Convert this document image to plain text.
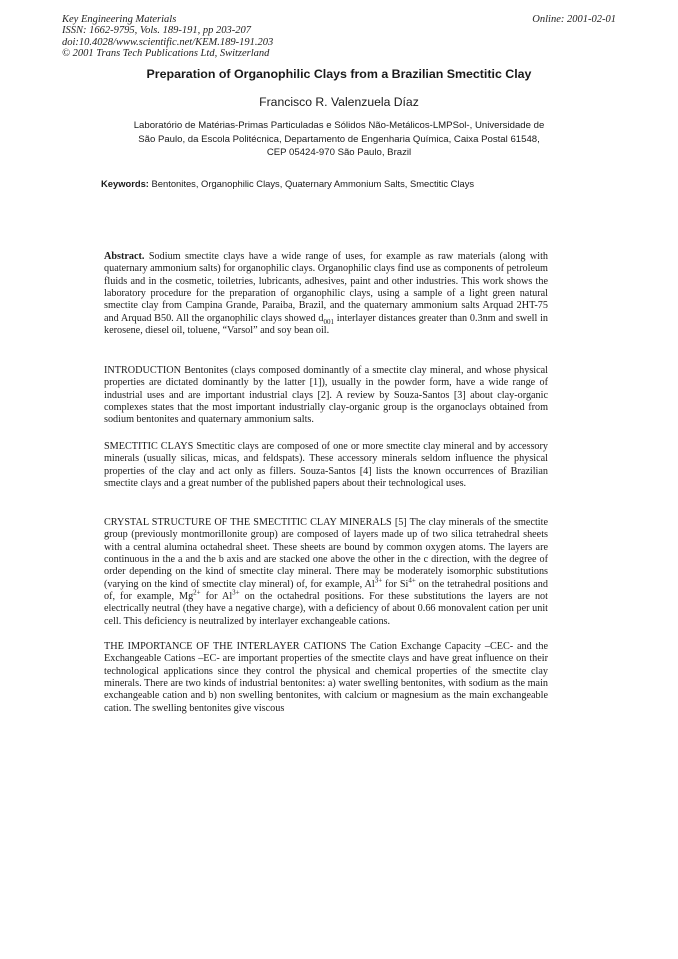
Key Engineering Materials
ISSN: 1662-9795, Vols. 189-191, pp 203-207
doi:10.4028/www.scientific.net/KEM.189-191.203
© 2001 Trans Tech Publications Ltd, Switzerland
Online: 2001-02-01
Preparation of Organophilic Clays from a Brazilian Smectitic Clay
Francisco R. Valenzuela Díaz
Laboratório de Matérias-Primas Particuladas e Sólidos Não-Metálicos-LMPSol-, Universidade de
São Paulo, da Escola Politécnica, Departamento de Engenharia Química, Caixa Postal 61548,
CEP 05424-970 São Paulo, Brazil
Keywords: Bentonites, Organophilic Clays, Quaternary Ammonium Salts, Smectitic Clays

Abstract. Sodium smectite clays have a wide range of uses, for example as raw materials (along with quaternary ammonium salts) for organophilic clays. Organophilic clays find use as components of petroleum fluids and in the cosmetic, toiletries, lubricants, adhesives, paint and other industries. This work shows the laboratory procedure for the preparation of organophilic clays, using a sample of a light green natural smectite clay from Campina Grande, Paraiba, Brazil, and the quaternary ammonium salts Arquad 2HT-75 and Arquad B50. All the organophilic clays showed $d_{001}$ interlayer distances greater than 0.3nm and swell in kerosene, diesel oil, toluene, “Varsol” and soy bean oil.

INTRODUCTION Bentonites (clays composed dominantly of a smectite clay mineral, and whose physical properties are dictated dominantly by the latter [1]), usually in the powder form, have a wide range of industrial uses and are important industrial clays [2]. A review by Souza-Santos [3] about clay-organic complexes states that the most important industrially clay-organic group is the organoclays obtained from sodium bentonites and quaternary ammonium salts.

SMECTITIC CLAYS Smectitic clays are composed of one or more smectite clay mineral and by accessory minerals (usually silicas, micas, and feldspats). These accessory minerals seldom influence the physical properties of the clay and act only as fillers. Souza-Santos [4] lists the known occurrences of Brazilian smectite clays and a great number of the published papers about their technological uses.

CRYSTAL STRUCTURE OF THE SMECTITIC CLAY MINERALS [5] The clay minerals of the smectite group (previously montmorillonite group) are composed of layers made up of two silica tetrahedral sheets with a central alumina octahedral sheet. These sheets are bound by common oxygen atoms. The layers are continuous in the a and the b axis and are stacked one above the other in the c direction, with the degree of order depending on the kind of smectite clay mineral. There may be moderately isomorphic substitutions (varying on the kind of smectite clay mineral) of, for example, $Al^{3+}$ for $Si^{4+}$ on the tetrahedral positions and of, for example, $Mg^{2+}$ for $Al^{3+}$ on the octahedral positions. For these substitutions the layers are not electrically neutral (they have a negative charge), with a deficiency of about 0.66 monovalent cation per unit cell. This deficiency is neutralized by interlayer exchangeable cations.

THE IMPORTANCE OF THE INTERLAYER CATIONS The Cation Exchange Capacity –CEC- and the Exchangeable Cations –EC- are important properties of the smectite clays and have great influence on their technological applications since they control the physical and chemical properties of the smectite clay minerals. There are two kinds of industrial bentonites: a) water swelling bentonites, with sodium as the main exchangeable cation and b) non swelling bentonites, with calcium or magnesium as the main exchangeable cation. The swelling bentonites give viscous
